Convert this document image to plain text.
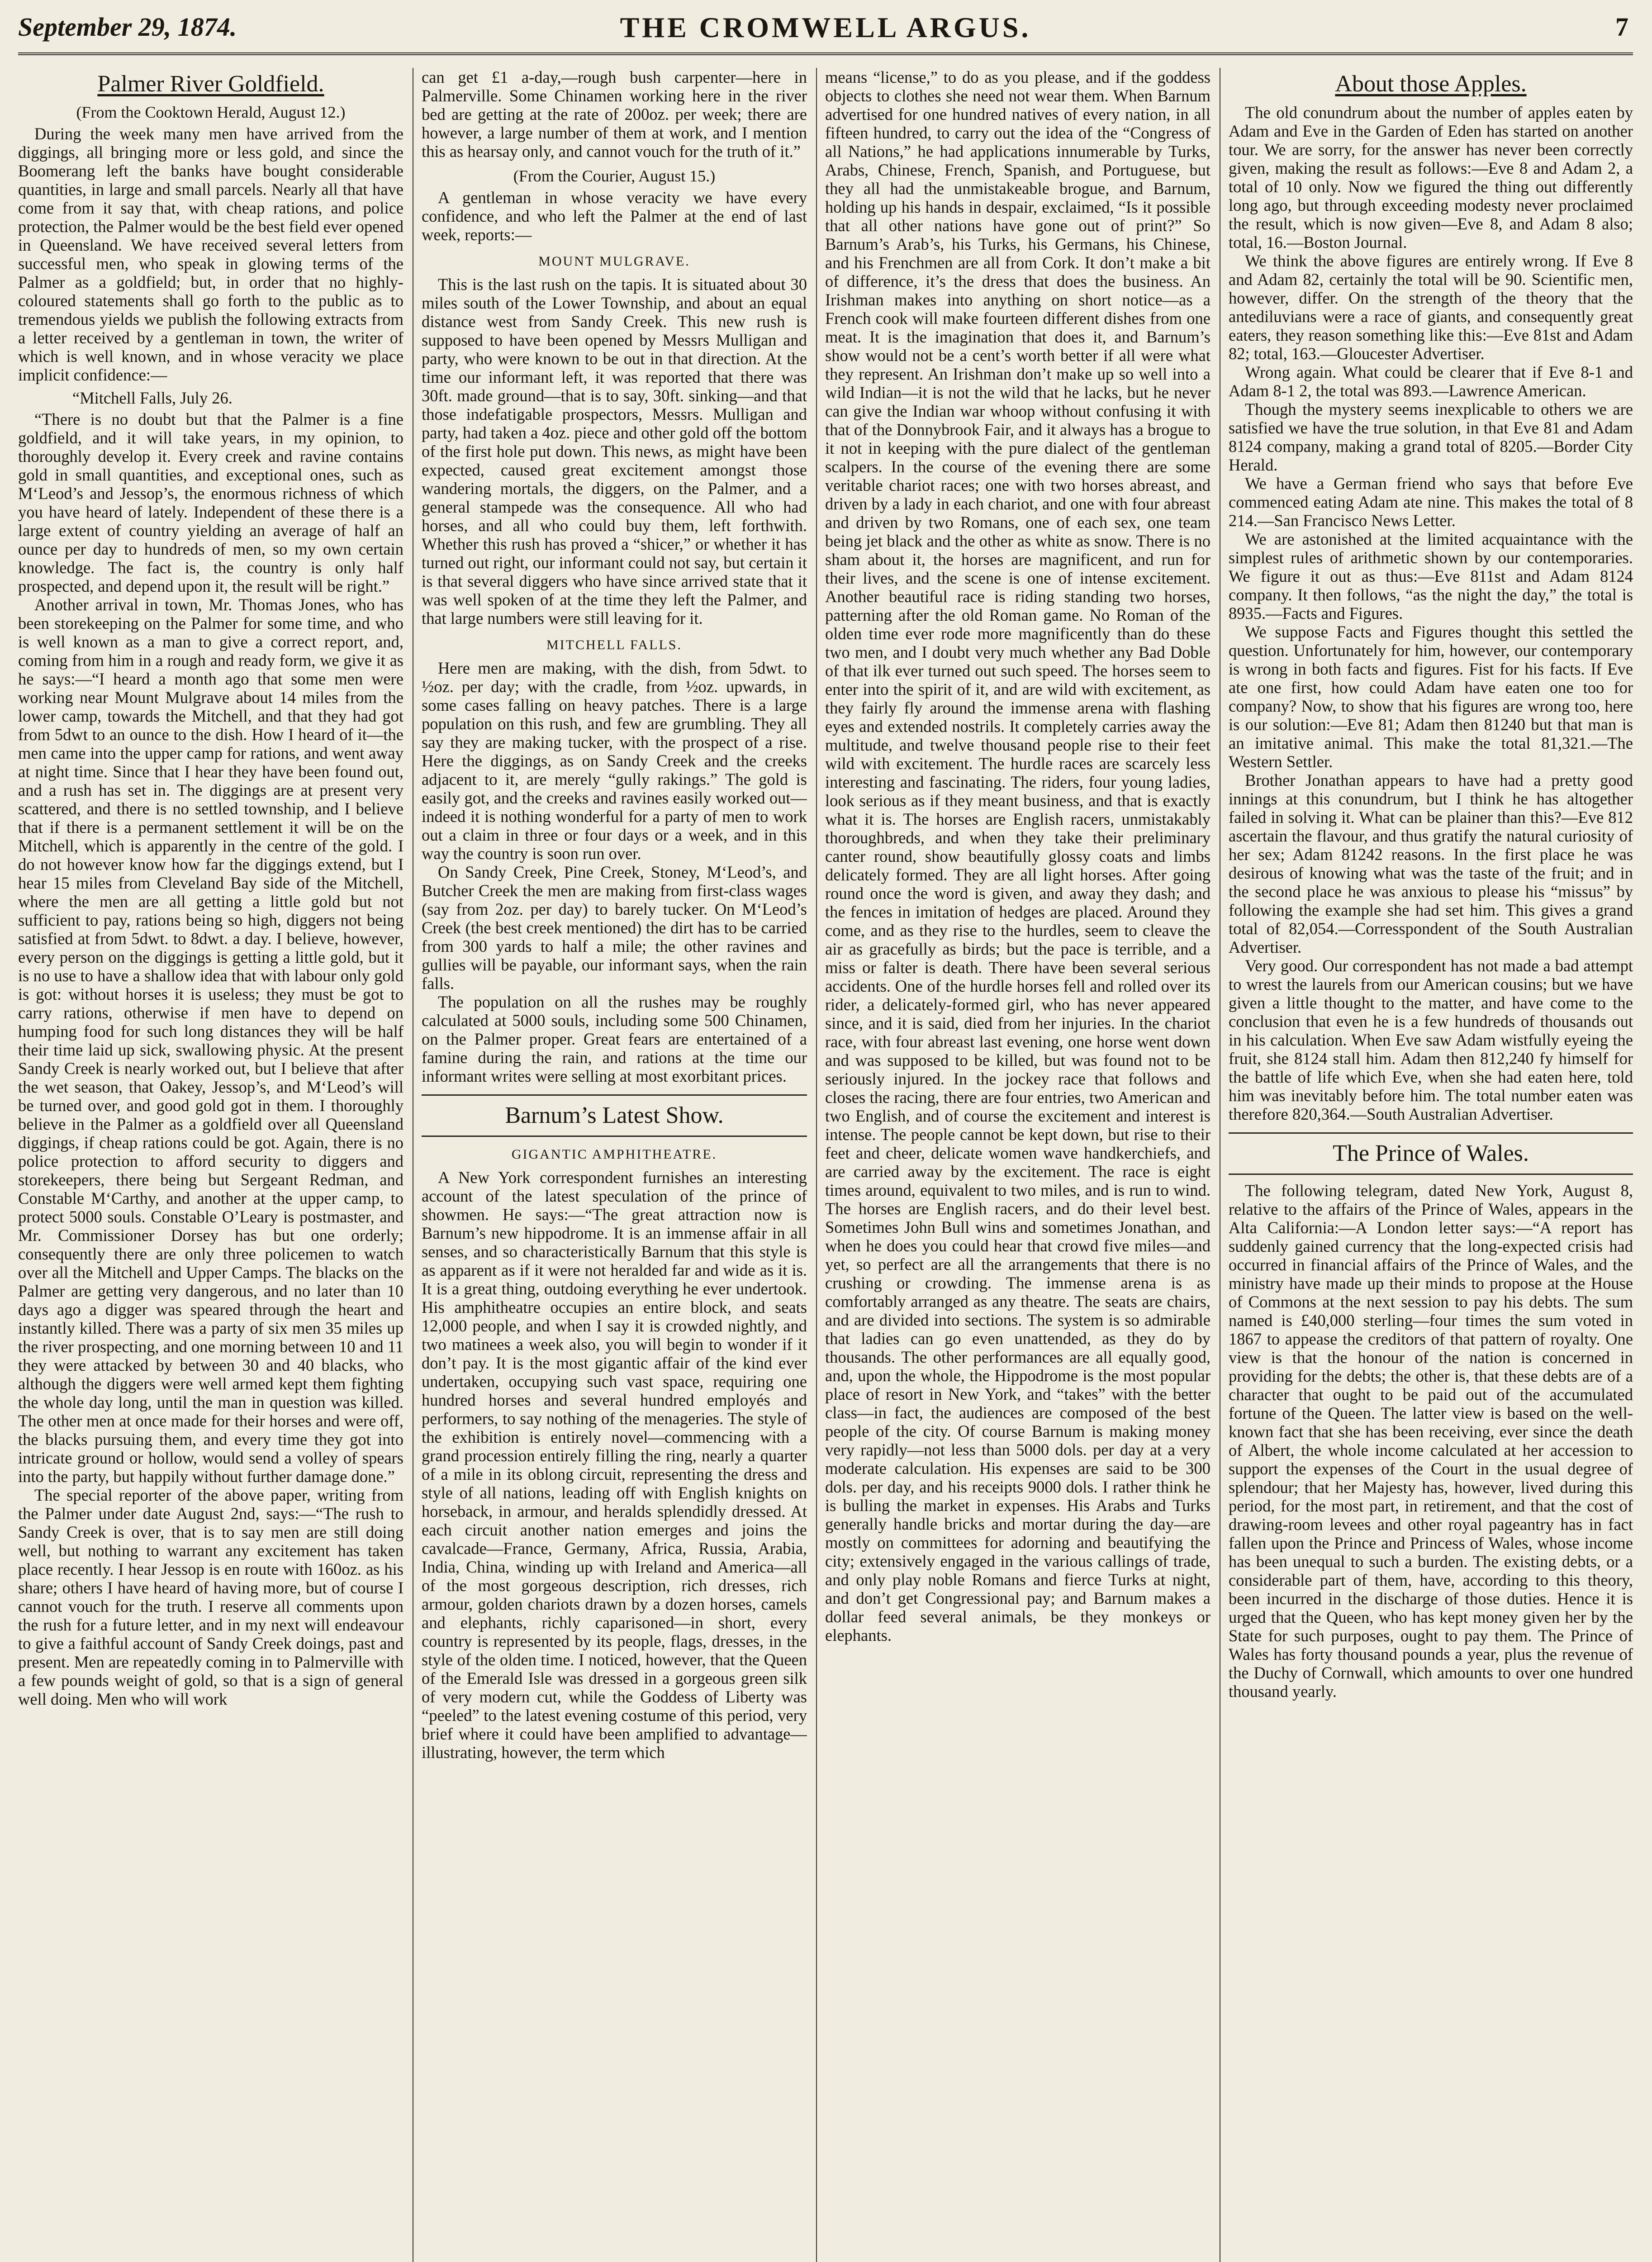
September 29, 1874.	THE CROMWELL ARGUS.	7
Palmer River Goldfield.
(From the Cooktown Herald, August 12.)

During the week many men have arrived from the diggings, all bringing more or less gold, and since the Boomerang left the banks have bought considerable quantities, in large and small parcels. Nearly all that have come from it say that, with cheap rations, and police protection, the Palmer would be the best field ever opened in Queensland. We have received several letters from successful men, who speak in glowing terms of the Palmer as a goldfield; but, in order that no highly-coloured statements shall go forth to the public as to tremendous yields we publish the following extracts from a letter received by a gentleman in town, the writer of which is well known, and in whose veracity we place implicit confidence:—

“Mitchell Falls, July 26.

“There is no doubt but that the Palmer is a fine goldfield, and it will take years, in my opinion, to thoroughly develop it. Every creek and ravine contains gold in small quantities, and exceptional ones, such as M‘Leod’s and Jessop’s, the enormous richness of which you have heard of lately. Independent of these there is a large extent of country yielding an average of half an ounce per day to hundreds of men, so my own certain knowledge. The fact is, the country is only half prospected, and depend upon it, the result will be right.”

Another arrival in town, Mr. Thomas Jones, who has been storekeeping on the Palmer for some time, and who is well known as a man to give a correct report, and, coming from him in a rough and ready form, we give it as he says:—“I heard a month ago that some men were working near Mount Mulgrave about 14 miles from the lower camp, towards the Mitchell, and that they had got from 5dwt to an ounce to the dish. How I heard of it—the men came into the upper camp for rations, and went away at night time. Since that I hear they have been found out, and a rush has set in. The diggings are at present very scattered, and there is no settled township, and I believe that if there is a permanent settlement it will be on the Mitchell, which is apparently in the centre of the gold. I do not however know how far the diggings extend, but I hear 15 miles from Cleveland Bay side of the Mitchell, where the men are all getting a little gold but not sufficient to pay, rations being so high, diggers not being satisfied at from 5dwt. to 8dwt. a day. I believe, however, every person on the diggings is getting a little gold, but it is no use to have a shallow idea that with labour only gold is got: without horses it is useless; they must be got to carry rations, otherwise if men have to depend on humping food for such long distances they will be half their time laid up sick, swallowing physic. At the present Sandy Creek is nearly worked out, but I believe that after the wet season, that Oakey, Jessop’s, and M‘Leod’s will be turned over, and good gold got in them. I thoroughly believe in the Palmer as a goldfield over all Queensland diggings, if cheap rations could be got. Again, there is no police protection to afford security to diggers and storekeepers, there being but Sergeant Redman, and Constable M‘Carthy, and another at the upper camp, to protect 5000 souls. Constable O’Leary is postmaster, and Mr. Commissioner Dorsey has but one orderly; consequently there are only three policemen to watch over all the Mitchell and Upper Camps. The blacks on the Palmer are getting very dangerous, and no later than 10 days ago a digger was speared through the heart and instantly killed. There was a party of six men 35 miles up the river prospecting, and one morning between 10 and 11 they were attacked by between 30 and 40 blacks, who although the diggers were well armed kept them fighting the whole day long, until the man in question was killed. The other men at once made for their horses and were off, the blacks pursuing them, and every time they got into intricate ground or hollow, would send a volley of spears into the party, but happily without further damage done.”

The special reporter of the above paper, writing from the Palmer under date August 2nd, says:—“The rush to Sandy Creek is over, that is to say men are still doing well, but nothing to warrant any excitement has taken place recently. I hear Jessop is en route with 160oz. as his share; others I have heard of having more, but of course I cannot vouch for the truth. I reserve all comments upon the rush for a future letter, and in my next will endeavour to give a faithful account of Sandy Creek doings, past and present. Men are repeatedly coming in to Palmerville with a few pounds weight of gold, so that is a sign of general well doing. Men who will work

can get £1 a-day,—rough bush carpenter—here in Palmerville. Some Chinamen working here in the river bed are getting at the rate of 200oz. per week; there are however, a large number of them at work, and I mention this as hearsay only, and cannot vouch for the truth of it.”

(From the Courier, August 15.)

A gentleman in whose veracity we have every confidence, and who left the Palmer at the end of last week, reports:—

MOUNT MULGRAVE.

This is the last rush on the tapis. It is situated about 30 miles south of the Lower Township, and about an equal distance west from Sandy Creek. This new rush is supposed to have been opened by Messrs Mulligan and party, who were known to be out in that direction. At the time our informant left, it was reported that there was 30ft. made ground—that is to say, 30ft. sinking—and that those indefatigable prospectors, Messrs. Mulligan and party, had taken a 4oz. piece and other gold off the bottom of the first hole put down. This news, as might have been expected, caused great excitement amongst those wandering mortals, the diggers, on the Palmer, and a general stampede was the consequence. All who had horses, and all who could buy them, left forthwith. Whether this rush has proved a “shicer,” or whether it has turned out right, our informant could not say, but certain it is that several diggers who have since arrived state that it was well spoken of at the time they left the Palmer, and that large numbers were still leaving for it.

MITCHELL FALLS.

Here men are making, with the dish, from 5dwt. to ½oz. per day; with the cradle, from ½oz. upwards, in some cases falling on heavy patches. There is a large population on this rush, and few are grumbling. They all say they are making tucker, with the prospect of a rise. Here the diggings, as on Sandy Creek and the creeks adjacent to it, are merely “gully rakings.” The gold is easily got, and the creeks and ravines easily worked out—indeed it is nothing wonderful for a party of men to work out a claim in three or four days or a week, and in this way the country is soon run over.

On Sandy Creek, Pine Creek, Stoney, M‘Leod’s, and Butcher Creek the men are making from first-class wages (say from 2oz. per day) to barely tucker. On M‘Leod’s Creek (the best creek mentioned) the dirt has to be carried from 300 yards to half a mile; the other ravines and gullies will be payable, our informant says, when the rain falls.

The population on all the rushes may be roughly calculated at 5000 souls, including some 500 Chinamen, on the Palmer proper. Great fears are entertained of a famine during the rain, and rations at the time our informant writes were selling at most exorbitant prices.

Barnum’s Latest Show.
GIGANTIC AMPHITHEATRE.

A New York correspondent furnishes an interesting account of the latest speculation of the prince of showmen. He says:—“The great attraction now is Barnum’s new hippodrome. It is an immense affair in all senses, and so characteristically Barnum that this style is as apparent as if it were not heralded far and wide as it is. It is a great thing, outdoing everything he ever undertook. His amphitheatre occupies an entire block, and seats 12,000 people, and when I say it is crowded nightly, and two matinees a week also, you will begin to wonder if it don’t pay. It is the most gigantic affair of the kind ever undertaken, occupying such vast space, requiring one hundred horses and several hundred employés and performers, to say nothing of the menageries. The style of the exhibition is entirely novel—commencing with a grand procession entirely filling the ring, nearly a quarter of a mile in its oblong circuit, representing the dress and style of all nations, leading off with English knights on horseback, in armour, and heralds splendidly dressed. At each circuit another nation emerges and joins the cavalcade—France, Germany, Africa, Russia, Arabia, India, China, winding up with Ireland and America—all of the most gorgeous description, rich dresses, rich armour, golden chariots drawn by a dozen horses, camels and elephants, richly caparisoned—in short, every country is represented by its people, flags, dresses, in the style of the olden time. I noticed, however, that the Queen of the Emerald Isle was dressed in a gorgeous green silk of very modern cut, while the Goddess of Liberty was “peeled” to the latest evening costume of this period, very brief where it could have been amplified to advantage—illustrating, however, the term which

means “license,” to do as you please, and if the goddess objects to clothes she need not wear them. When Barnum advertised for one hundred natives of every nation, in all fifteen hundred, to carry out the idea of the “Congress of all Nations,” he had applications innumerable by Turks, Arabs, Chinese, French, Spanish, and Portuguese, but they all had the unmistakeable brogue, and Barnum, holding up his hands in despair, exclaimed, “Is it possible that all other nations have gone out of print?” So Barnum’s Arab’s, his Turks, his Germans, his Chinese, and his Frenchmen are all from Cork. It don’t make a bit of difference, it’s the dress that does the business. An Irishman makes into anything on short notice—as a French cook will make fourteen different dishes from one meat. It is the imagination that does it, and Barnum’s show would not be a cent’s worth better if all were what they represent. An Irishman don’t make up so well into a wild Indian—it is not the wild that he lacks, but he never can give the Indian war whoop without confusing it with that of the Donnybrook Fair, and it always has a brogue to it not in keeping with the pure dialect of the gentleman scalpers. In the course of the evening there are some veritable chariot races; one with two horses abreast, and driven by a lady in each chariot, and one with four abreast and driven by two Romans, one of each sex, one team being jet black and the other as white as snow. There is no sham about it, the horses are magnificent, and run for their lives, and the scene is one of intense excitement. Another beautiful race is riding standing two horses, patterning after the old Roman game. No Roman of the olden time ever rode more magnificently than do these two men, and I doubt very much whether any Bad Doble of that ilk ever turned out such speed. The horses seem to enter into the spirit of it, and are wild with excitement, as they fairly fly around the immense arena with flashing eyes and extended nostrils. It completely carries away the multitude, and twelve thousand people rise to their feet wild with excitement. The hurdle races are scarcely less interesting and fascinating. The riders, four young ladies, look serious as if they meant business, and that is exactly what it is. The horses are English racers, unmistakably thoroughbreds, and when they take their preliminary canter round, show beautifully glossy coats and limbs delicately formed. They are all light horses. After going round once the word is given, and away they dash; and the fences in imitation of hedges are placed. Around they come, and as they rise to the hurdles, seem to cleave the air as gracefully as birds; but the pace is terrible, and a miss or falter is death. There have been several serious accidents. One of the hurdle horses fell and rolled over its rider, a delicately-formed girl, who has never appeared since, and it is said, died from her injuries. In the chariot race, with four abreast last evening, one horse went down and was supposed to be killed, but was found not to be seriously injured. In the jockey race that follows and closes the racing, there are four entries, two American and two English, and of course the excitement and interest is intense. The people cannot be kept down, but rise to their feet and cheer, delicate women wave handkerchiefs, and are carried away by the excitement. The race is eight times around, equivalent to two miles, and is run to wind. The horses are English racers, and do their level best. Sometimes John Bull wins and sometimes Jonathan, and when he does you could hear that crowd five miles—and yet, so perfect are all the arrangements that there is no crushing or crowding. The immense arena is as comfortably arranged as any theatre. The seats are chairs, and are divided into sections. The system is so admirable that ladies can go even unattended, as they do by thousands. The other performances are all equally good, and, upon the whole, the Hippodrome is the most popular place of resort in New York, and “takes” with the better class—in fact, the audiences are composed of the best people of the city. Of course Barnum is making money very rapidly—not less than 5000 dols. per day at a very moderate calculation. His expenses are said to be 300 dols. per day, and his receipts 9000 dols. I rather think he is bulling the market in expenses. His Arabs and Turks generally handle bricks and mortar during the day—are mostly on committees for adorning and beautifying the city; extensively engaged in the various callings of trade, and only play noble Romans and fierce Turks at night, and don’t get Congressional pay; and Barnum makes a dollar feed several animals, be they monkeys or elephants.

About those Apples.

The old conundrum about the number of apples eaten by Adam and Eve in the Garden of Eden has started on another tour. We are sorry, for the answer has never been correctly given, making the result as follows:—Eve 8 and Adam 2, a total of 10 only. Now we figured the thing out differently long ago, but through exceeding modesty never proclaimed the result, which is now given—Eve 8, and Adam 8 also; total, 16.—Boston Journal.

We think the above figures are entirely wrong. If Eve 8 and Adam 82, certainly the total will be 90. Scientific men, however, differ. On the strength of the theory that the antediluvians were a race of giants, and consequently great eaters, they reason something like this:—Eve 81st and Adam 82; total, 163.—Gloucester Advertiser.

Wrong again. What could be clearer that if Eve 8-1 and Adam 8-1 2, the total was 893.—Lawrence American.

Though the mystery seems inexplicable to others we are satisfied we have the true solution, in that Eve 81 and Adam 8124 company, making a grand total of 8205.—Border City Herald.

We have a German friend who says that before Eve commenced eating Adam ate nine. This makes the total of 8 214.—San Francisco News Letter.

We are astonished at the limited acquaintance with the simplest rules of arithmetic shown by our contemporaries. We figure it out as thus:—Eve 811st and Adam 8124 company. It then follows, “as the night the day,” the total is 8935.—Facts and Figures.

We suppose Facts and Figures thought this settled the question. Unfortunately for him, however, our contemporary is wrong in both facts and figures. Fist for his facts. If Eve ate one first, how could Adam have eaten one too for company? Now, to show that his figures are wrong too, here is our solution:—Eve 81; Adam then 81240 but that man is an imitative animal. This make the total 81,321.—The Western Settler.

Brother Jonathan appears to have had a pretty good innings at this conundrum, but I think he has altogether failed in solving it. What can be plainer than this?—Eve 812 ascertain the flavour, and thus gratify the natural curiosity of her sex; Adam 81242 reasons. In the first place he was desirous of knowing what was the taste of the fruit; and in the second place he was anxious to please his “missus” by following the example she had set him. This gives a grand total of 82,054.—Corresspondent of the South Australian Advertiser.

Very good. Our correspondent has not made a bad attempt to wrest the laurels from our American cousins; but we have given a little thought to the matter, and have come to the conclusion that even he is a few hundreds of thousands out in his calculation. When Eve saw Adam wistfully eyeing the fruit, she 8124 stall him. Adam then 812,240 fy himself for the battle of life which Eve, when she had eaten here, told him was inevitably before him. The total number eaten was therefore 820,364.—South Australian Advertiser.

The Prince of Wales.

The following telegram, dated New York, August 8, relative to the affairs of the Prince of Wales, appears in the Alta California:—A London letter says:—“A report has suddenly gained currency that the long-expected crisis had occurred in financial affairs of the Prince of Wales, and the ministry have made up their minds to propose at the House of Commons at the next session to pay his debts. The sum named is £40,000 sterling—four times the sum voted in 1867 to appease the creditors of that pattern of royalty. One view is that the honour of the nation is concerned in providing for the debts; the other is, that these debts are of a character that ought to be paid out of the accumulated fortune of the Queen. The latter view is based on the well-known fact that she has been receiving, ever since the death of Albert, the whole income calculated at her accession to support the expenses of the Court in the usual degree of splendour; that her Majesty has, however, lived during this period, for the most part, in retirement, and that the cost of drawing-room levees and other royal pageantry has in fact fallen upon the Prince and Princess of Wales, whose income has been unequal to such a burden. The existing debts, or a considerable part of them, have, according to this theory, been incurred in the discharge of those duties. Hence it is urged that the Queen, who has kept money given her by the State for such purposes, ought to pay them. The Prince of Wales has forty thousand pounds a year, plus the revenue of the Duchy of Cornwall, which amounts to over one hundred thousand yearly.
